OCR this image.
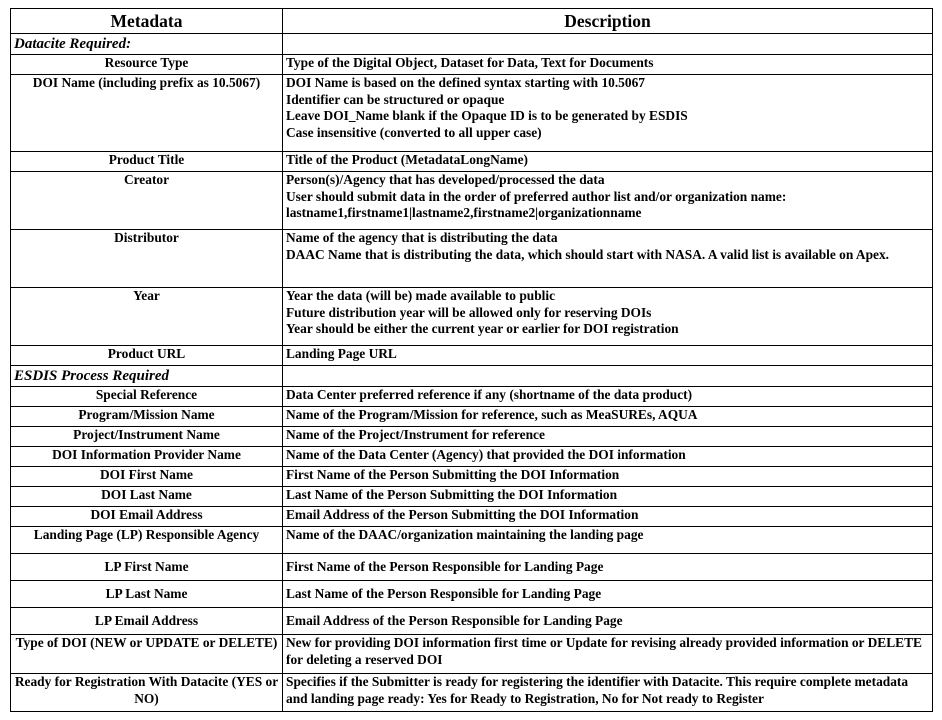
Metadata	Description
Datacite Required:	
Resource Type	Type of the Digital Object, Dataset for Data, Text for Documents

DOI Name (including prefix as 10.5067)	DOI Name is based on the defined syntax starting with 10.5067
Identifier can be structured or opaque
Leave DOI_Name blank if the Opaque ID is to be generated by ESDIS
Case insensitive (converted to all upper case)

Product Title	Title of the Product (MetadataLongName)

Creator	Person(s)/Agency that has developed/processed the data
User should submit data in the order of preferred author list and/or organization name:
lastname1,firstname1|lastname2,firstname2|organizationname

Distributor	Name of the agency that is distributing the data
DAAC Name that is distributing the data, which should start with NASA. A valid list is available on Apex.

Year	Year the data (will be) made available to public
Future distribution year will be allowed only for reserving DOIs
Year should be either the current year or earlier for DOI registration

Product URL	Landing Page URL

ESDIS Process Required	
Special Reference	Data Center preferred reference if any (shortname of the data product)

Program/Mission Name	Name of the Program/Mission for reference, such as MeaSUREs, AQUA

Project/Instrument Name	Name of the Project/Instrument for reference

DOI Information Provider Name	Name of the Data Center (Agency) that provided the DOI information

DOI First Name	First Name of the Person Submitting the DOI Information

DOI Last Name	Last Name of the Person Submitting the DOI Information

DOI Email Address	Email Address of the Person Submitting the DOI Information

Landing Page (LP) Responsible Agency	Name of the DAAC/organization maintaining the landing page

LP First Name	First Name of the Person Responsible for Landing Page

LP Last Name	Last Name of the Person Responsible for Landing Page

LP Email Address	Email Address of the Person Responsible for Landing Page

Type of DOI (NEW or UPDATE or DELETE)	New for providing DOI information first time or Update for revising already provided information or DELETE for deleting a reserved DOI

Ready for Registration With Datacite (YES or NO)	Specifies if the Submitter is ready for registering the identifier with Datacite. This require complete metadata and landing page ready: Yes for Ready to Registration, No for Not ready to Register
